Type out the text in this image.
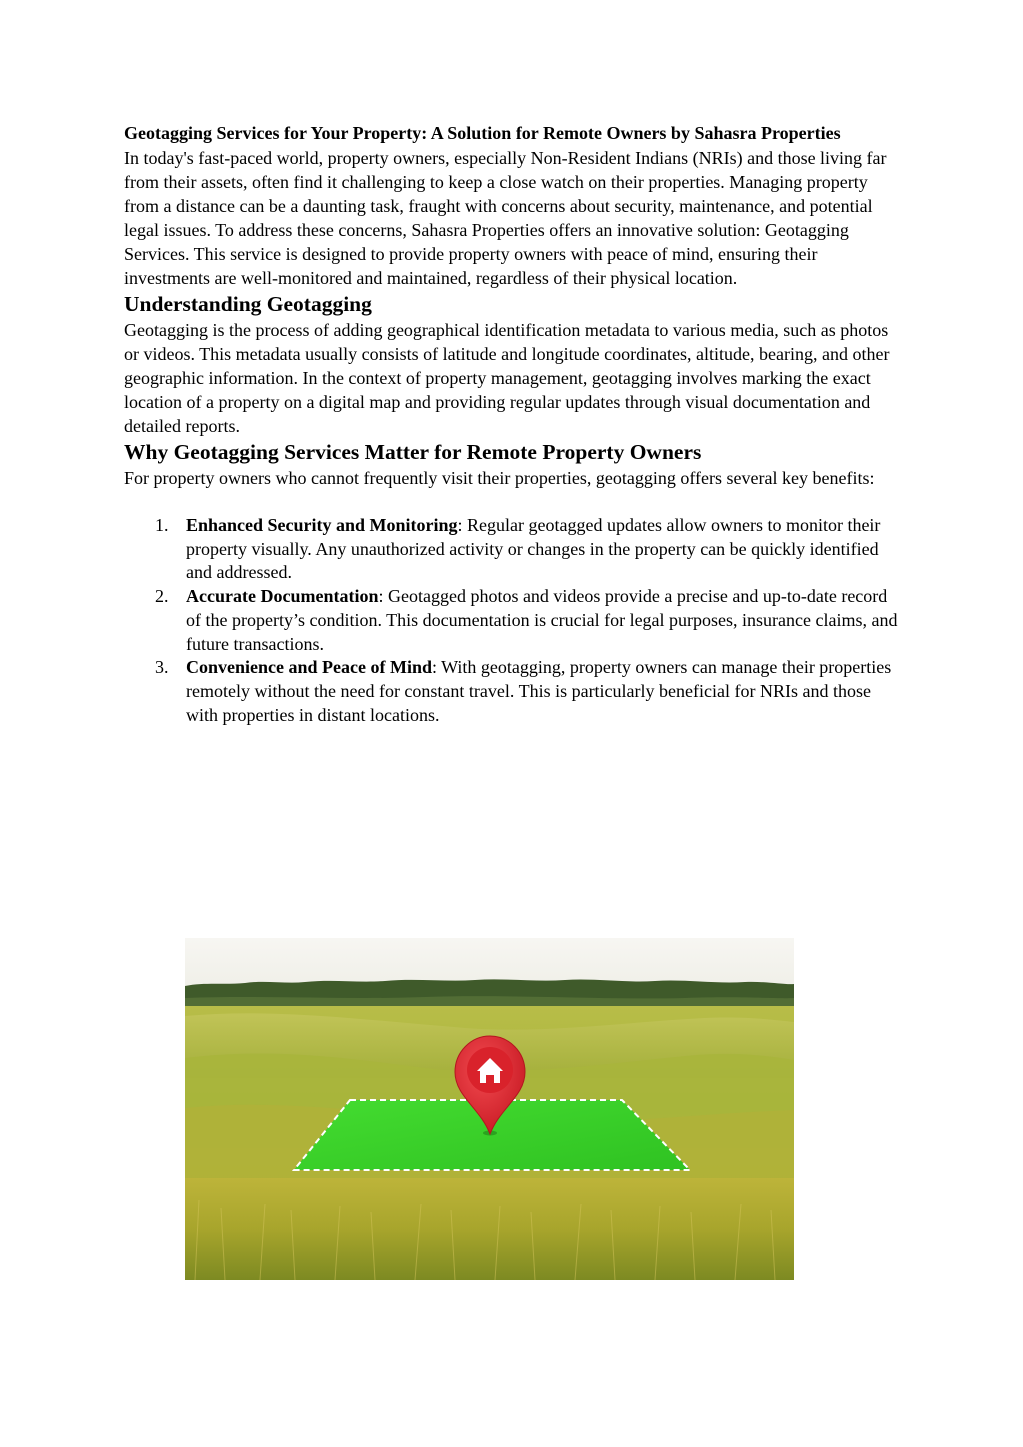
Geotagging Services for Your Property: A Solution for Remote Owners by Sahasra Properties

In today's fast-paced world, property owners, especially Non-Resident Indians (NRIs) and those living far from their assets, often find it challenging to keep a close watch on their properties. Managing property from a distance can be a daunting task, fraught with concerns about security, maintenance, and potential legal issues. To address these concerns, Sahasra Properties offers an innovative solution: Geotagging Services. This service is designed to provide property owners with peace of mind, ensuring their investments are well-monitored and maintained, regardless of their physical location.

Understanding Geotagging

Geotagging is the process of adding geographical identification metadata to various media, such as photos or videos. This metadata usually consists of latitude and longitude coordinates, altitude, bearing, and other geographic information. In the context of property management, geotagging involves marking the exact location of a property on a digital map and providing regular updates through visual documentation and detailed reports.

Why Geotagging Services Matter for Remote Property Owners

For property owners who cannot frequently visit their properties, geotagging offers several key benefits:

1. Enhanced Security and Monitoring: Regular geotagged updates allow owners to monitor their property visually. Any unauthorized activity or changes in the property can be quickly identified and addressed.
2. Accurate Documentation: Geotagged photos and videos provide a precise and up-to-date record of the property’s condition. This documentation is crucial for legal purposes, insurance claims, and future transactions.
3. Convenience and Peace of Mind: With geotagging, property owners can manage their properties remotely without the need for constant travel. This is particularly beneficial for NRIs and those with properties in distant locations.
